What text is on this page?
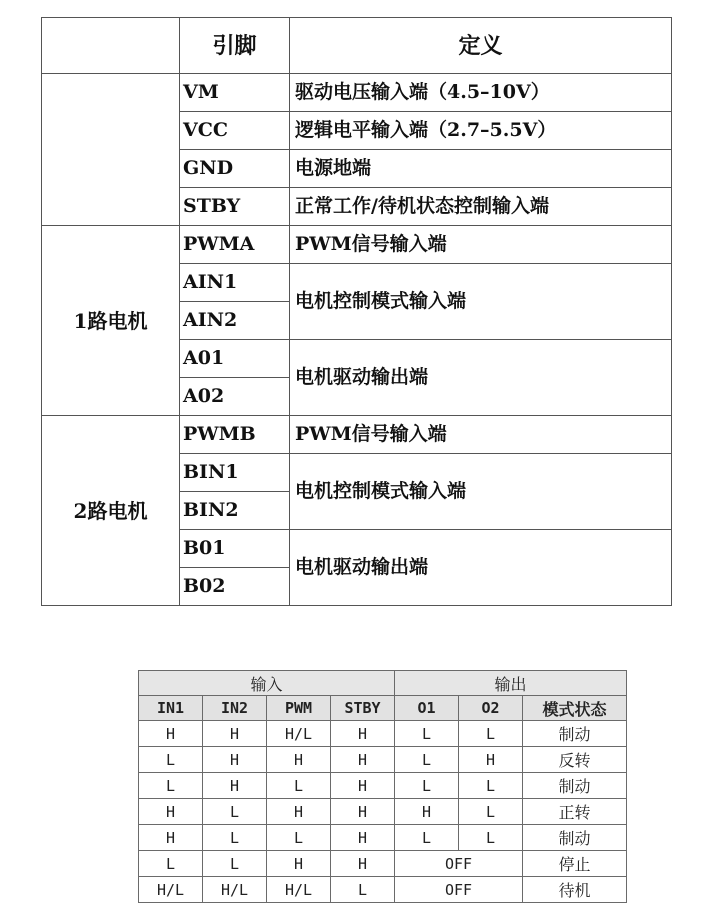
	引脚	定义
	VM	驱动电压输入端（4.5–10V）
	VCC	逻辑电平输入端（2.7–5.5V）
	GND	电源地端
	STBY	正常工作/待机状态控制输入端
1路电机	PWMA	PWM信号输入端
	AIN1	电机控制模式输入端
	AIN2	
	A01	电机驱动输出端
	A02	
2路电机	PWMB	PWM信号输入端
	BIN1	电机控制模式输入端
	BIN2	
	B01	电机驱动输出端
	B02	
输入				输出		
IN1	IN2	PWM	STBY	O1	O2	模式状态
H	H	H/L	H	L	L	制动
L	H	H	H	L	H	反转
L	H	L	H	L	L	制动
H	L	H	H	H	L	正转
H	L	L	H	L	L	制动
L	L	H	H	OFF		停止
H/L	H/L	H/L	L	OFF		待机
